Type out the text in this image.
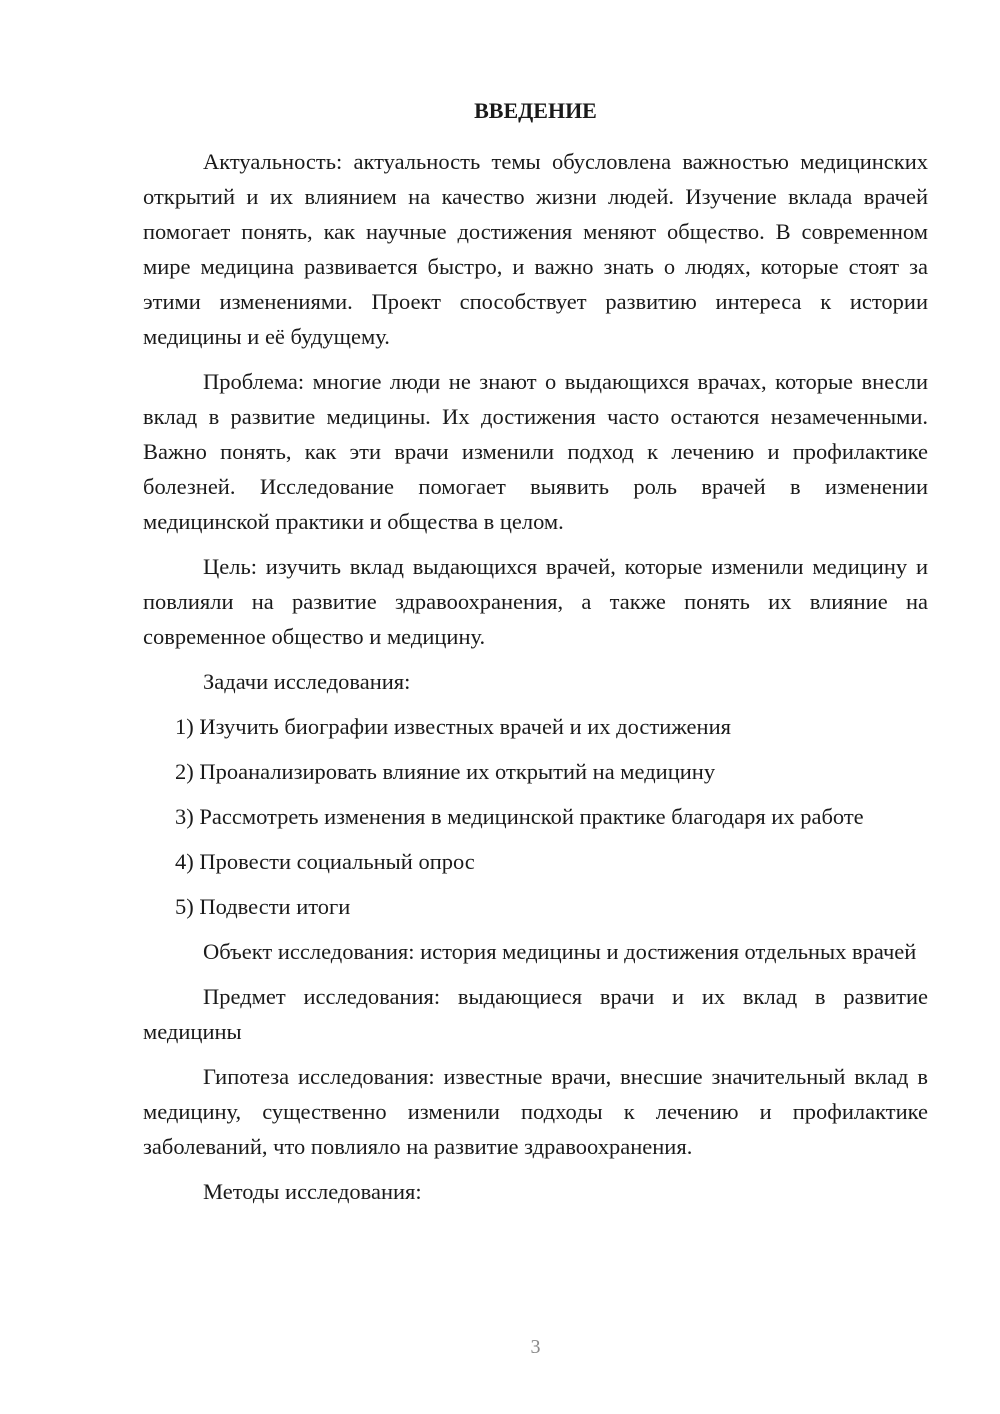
ВВЕДЕНИЕ

Актуальность: актуальность темы обусловлена важностью медицинских открытий и их влиянием на качество жизни людей. Изучение вклада врачей помогает понять, как научные достижения меняют общество. В современном мире медицина развивается быстро, и важно знать о людях, которые стоят за этими изменениями. Проект способствует развитию интереса к истории медицины и её будущему.

Проблема: многие люди не знают о выдающихся врачах, которые внесли вклад в развитие медицины. Их достижения часто остаются незамеченными. Важно понять, как эти врачи изменили подход к лечению и профилактике болезней. Исследование помогает выявить роль врачей в изменении медицинской практики и общества в целом.

Цель: изучить вклад выдающихся врачей, которые изменили медицину и повлияли на развитие здравоохранения, а также понять их влияние на современное общество и медицину.

Задачи исследования:

1) Изучить биографии известных врачей и их достижения

2) Проанализировать влияние их открытий на медицину

3) Рассмотреть изменения в медицинской практике благодаря их работе

4) Провести социальный опрос

5) Подвести итоги

Объект исследования: история медицины и достижения отдельных врачей

Предмет исследования: выдающиеся врачи и их вклад в развитие медицины

Гипотеза исследования: известные врачи, внесшие значительный вклад в медицину, существенно изменили подходы к лечению и профилактике заболеваний, что повлияло на развитие здравоохранения.

Методы исследования:

3
